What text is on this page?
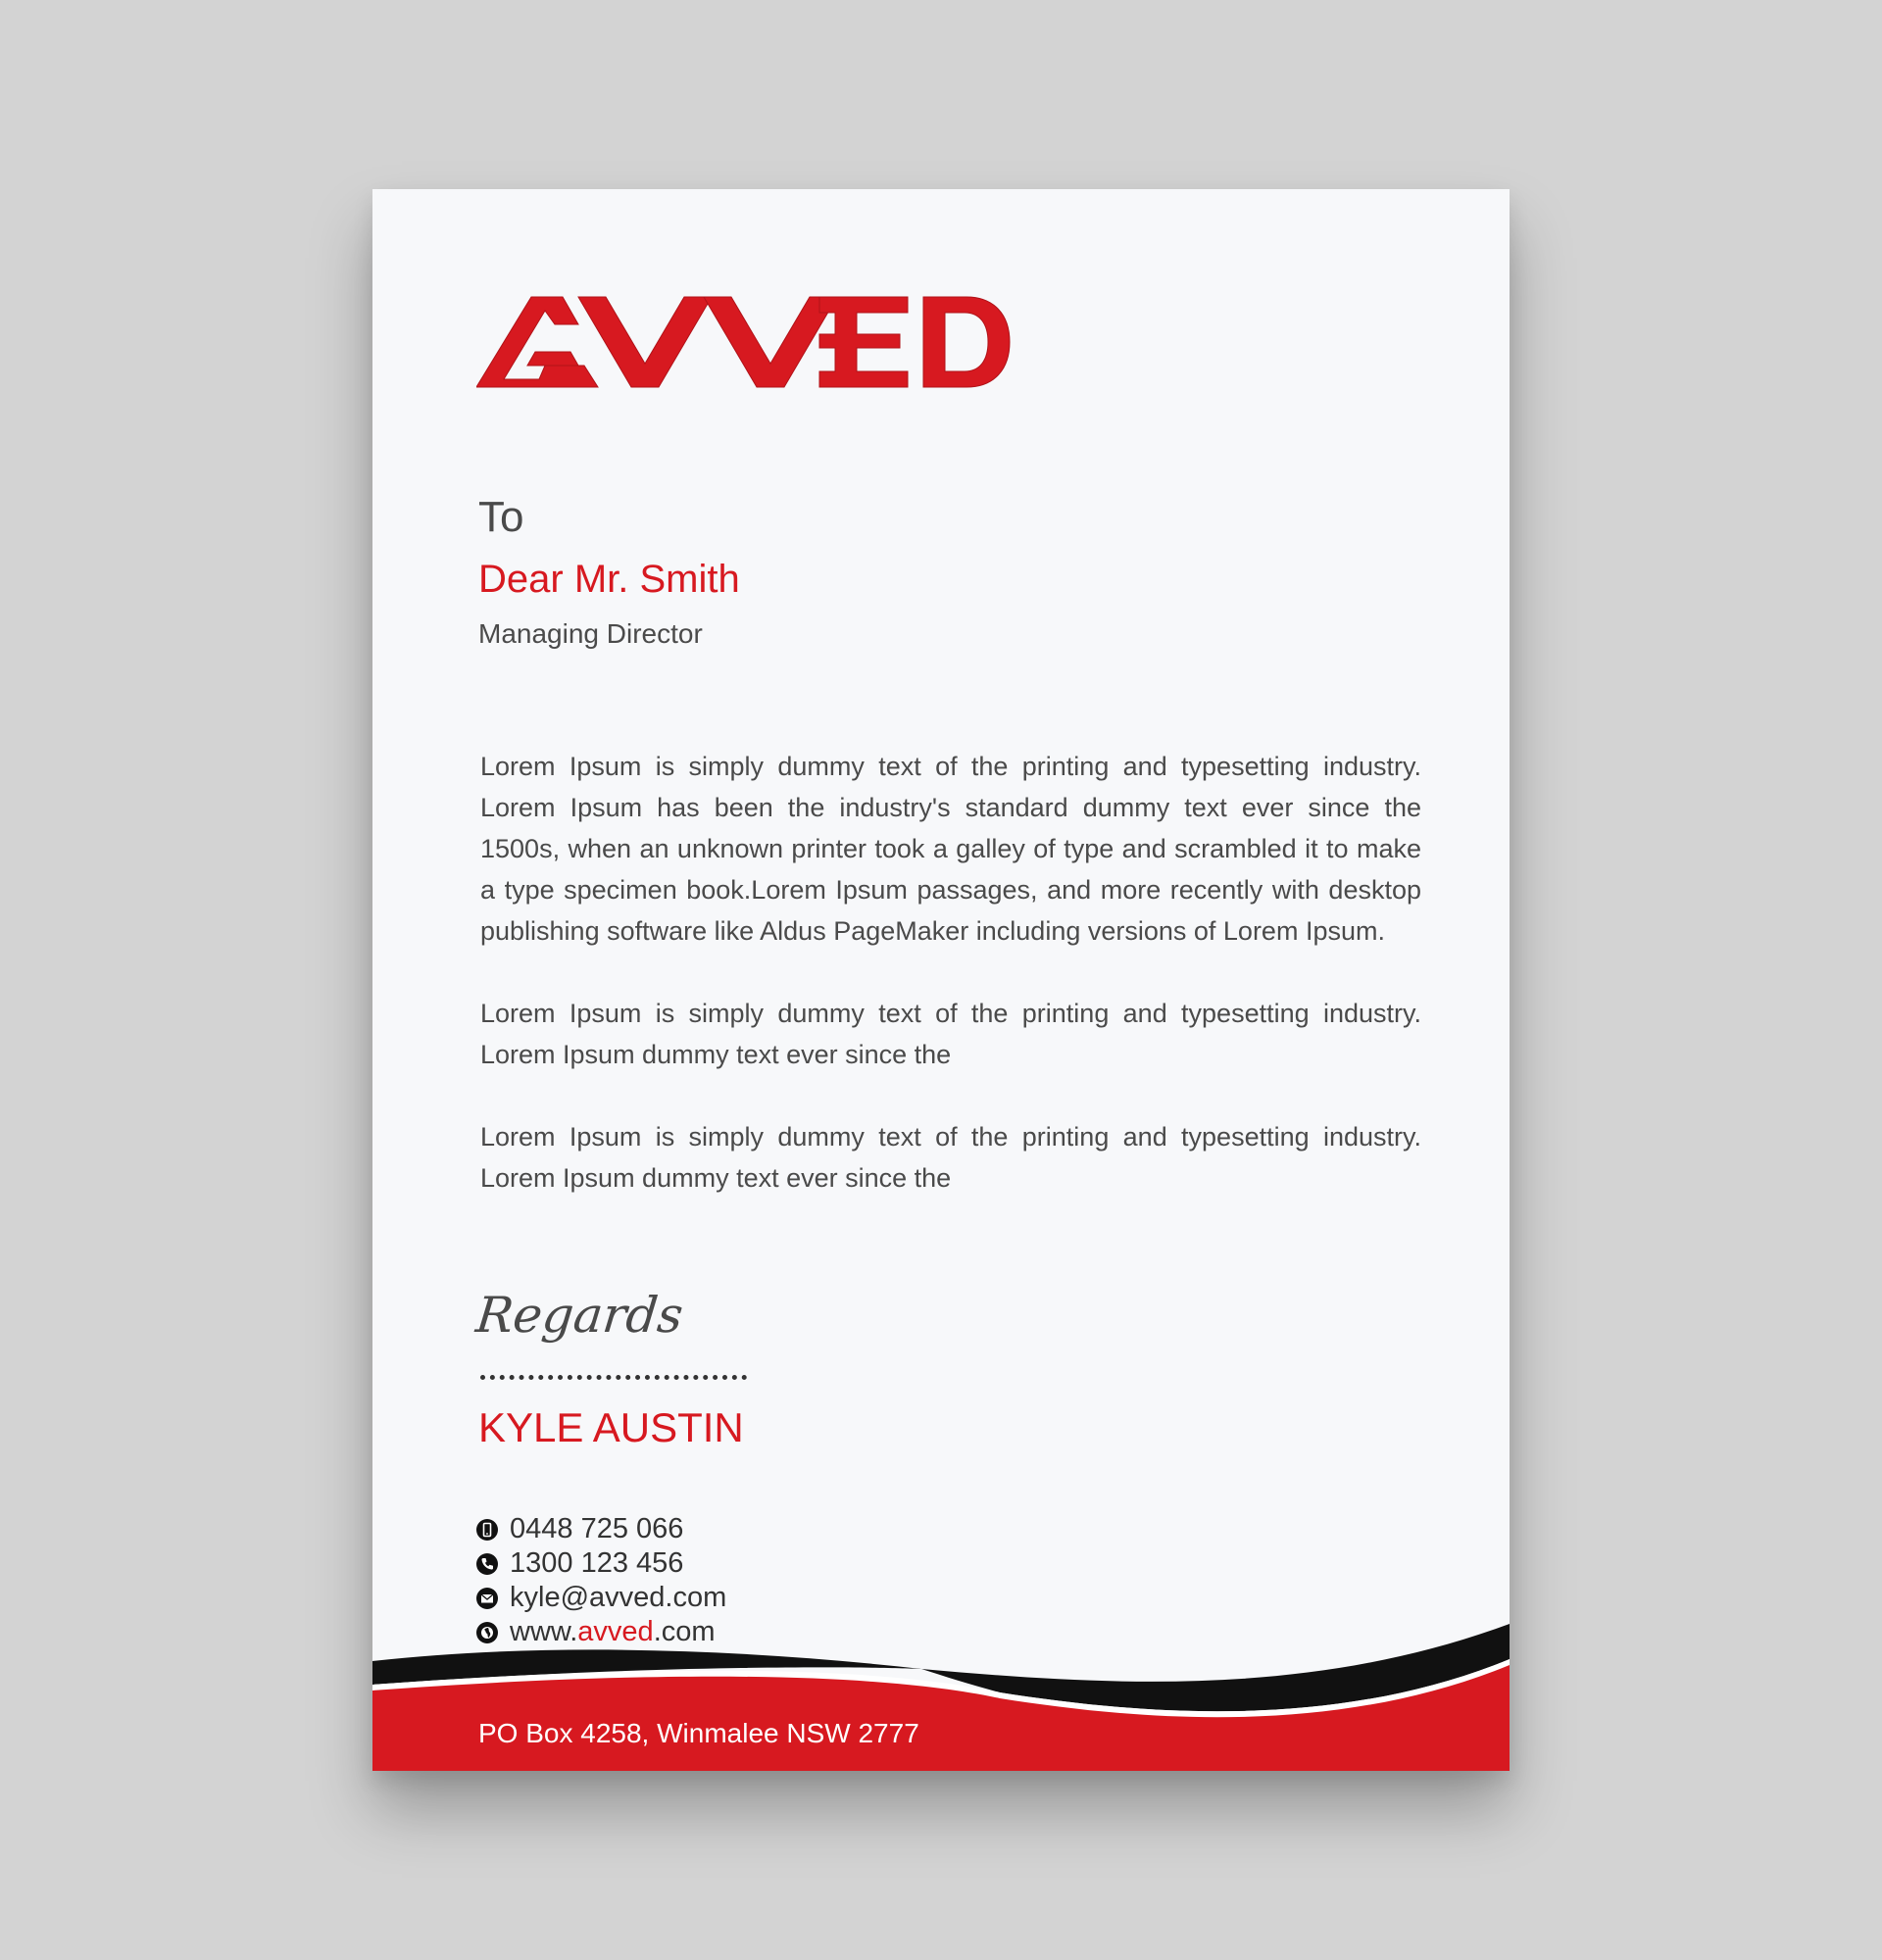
To
Dear Mr. Smith
Managing Director

Lorem Ipsum is simply dummy text of the printing and typesetting industry. Lorem Ipsum has been the industry's standard dummy text ever since the 1500s, when an unknown printer took a galley of type and scrambled it to make a type specimen book.Lorem Ipsum passages, and more recently with desktop publishing software like Aldus PageMaker including versions of Lorem Ipsum.

Lorem Ipsum is simply dummy text of the printing and typesetting industry. Lorem Ipsum dummy text ever since the

Lorem Ipsum is simply dummy text of the printing and typesetting industry. Lorem Ipsum dummy text ever since the

Regards
KYLE AUSTIN
0448 725 066
1300 123 456
kyle@avved.com
www.avved.com
PO Box 4258, Winmalee NSW 2777
